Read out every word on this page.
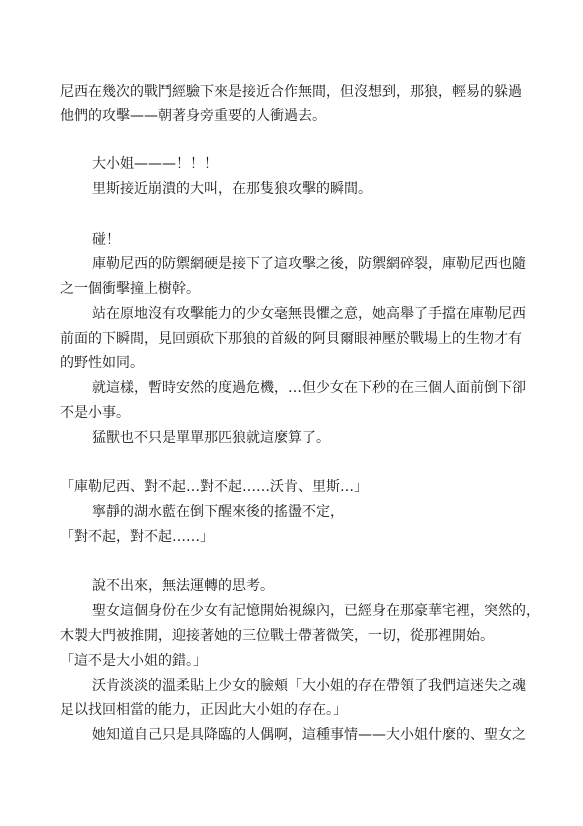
尼西在幾次的戰鬥經驗下來是接近合作無間，但沒想到，那狼，輕易的躲過
他們的攻擊——朝著身旁重要的人衝過去。
大小姐———！！！
里斯接近崩潰的大叫，在那隻狼攻擊的瞬間。
碰！
庫勒尼西的防禦網硬是接下了這攻擊之後，防禦網碎裂，庫勒尼西也隨
之一個衝擊撞上樹幹。
站在原地沒有攻擊能力的少女毫無畏懼之意，她高舉了手擋在庫勒尼西
前面的下瞬間，見回頭砍下那狼的首級的阿貝爾眼神壓於戰場上的生物才有
的野性如同。
就這樣，暫時安然的度過危機，…但少女在下秒的在三個人面前倒下卻
不是小事。
猛獸也不只是單單那匹狼就這麼算了。
「庫勒尼西、對不起…對不起……沃肯、里斯…」
寧靜的湖水藍在倒下醒來後的搖盪不定，
「對不起，對不起……」
說不出來，無法運轉的思考。
聖女這個身份在少女有記憶開始視線內，已經身在那豪華宅裡，突然的，
木製大門被推開，迎接著她的三位戰士帶著微笑，一切，從那裡開始。
「這不是大小姐的錯。」
沃肯淡淡的溫柔貼上少女的臉頰「大小姐的存在帶領了我們這迷失之魂
足以找回相當的能力，正因此大小姐的存在。」
她知道自己只是具降臨的人偶啊，這種事情——大小姐什麼的、聖女之
